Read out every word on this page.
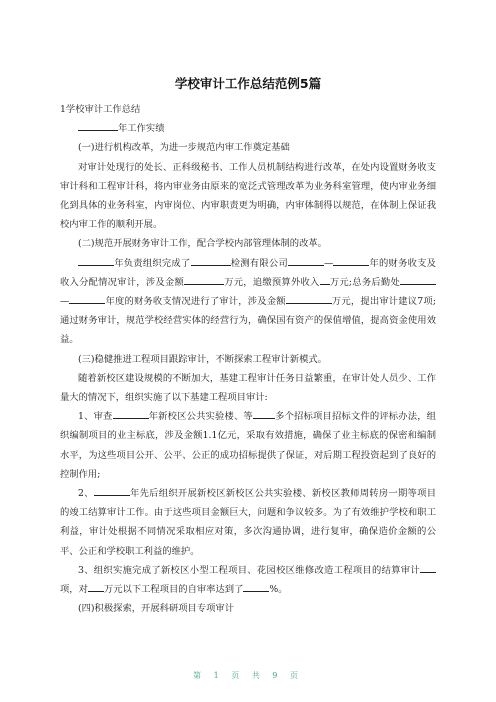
学校审计工作总结范例5篇

1学校审计工作总结

年工作实绩

(一)进行机构改革，为进一步规范内审工作奠定基础

对审计处现行的处长、正科级秘书、工作人员机制结构进行改革，在处内设置财务收支审计科和工程审计科，将内审业务由原来的宽泛式管理改革为业务科室管理，使内审业务细化到具体的业务科室，内审岗位、内审职责更为明确，内审体制得以规范，在体制上保证我校内审工作的顺利开展。

(二)规范开展财务审计工作，配合学校内部管理体制的改革。

年负责组织完成了	检测有限公司	—	年的财务收支及收入分配情况审计，涉及金额	万元，追缴预算外收入 万元;总务后勤处—	年度的财务收支情况进行了审计，涉及金额	万元，提出审计建议7项;通过财务审计，规范学校经营实体的经营行为，确保国有资产的保值增值，提高资金使用效益。

(三)稳健推进工程项目跟踪审计，不断探索工程审计新模式。

随着新校区建设规模的不断加大，基建工程审计任务日益繁重，在审计处人员少、工作量大的情况下，组织实施了以下基建工程项目审计:

1、审查	年新校区公共实验楼、等 多个招标项目招标文件的评标办法，组织编制项目的业主标底，涉及金额1.1亿元，采取有效措施，确保了业主标底的保密和编制水平，为这些项目公开、公平、公正的成功招标提供了保证，对后期工程投资起到了良好的控制作用;

2、	年先后组织开展新校区新校区公共实验楼、新校区教师周转房一期等项目的竣工结算审计工作。由于这些项目金额巨大，问题和争议较多。为了有效维护学校和职工利益，审计处根据不同情况采取相应对策，多次沟通协调，进行复审，确保造价金额的公平、公正和学校职工利益的维护。

3、组织实施完成了新校区小型工程项目、花园校区维修改造工程项目的结算审计项，对 万元以下工程项目的自审率达到了	%。

(四)积极探索，开展科研项目专项审计

第 1 页 共 9 页
